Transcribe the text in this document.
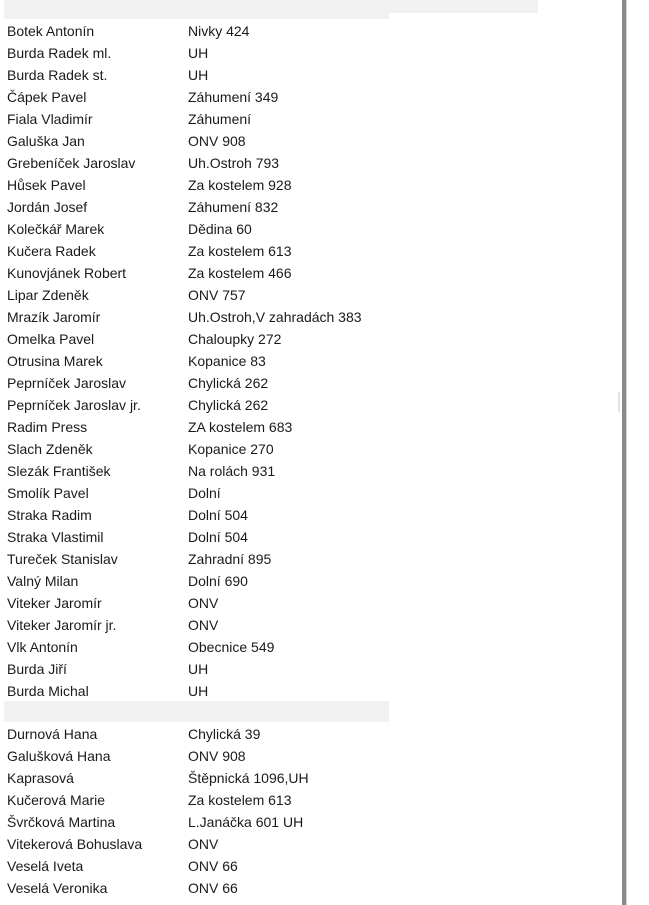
Botek Antonín	Nivky 424
Burda Radek ml.	UH
Burda Radek st.	UH
Čápek Pavel	Záhumení 349
Fiala Vladimír	Záhumení
Galuška Jan	ONV 908
Grebeníček Jaroslav	Uh.Ostroh 793
Hůsek Pavel	Za kostelem 928
Jordán Josef	Záhumení 832
Kolečkář Marek	Dědina 60
Kučera Radek	Za kostelem 613
Kunovjánek Robert	Za kostelem 466
Lipar Zdeněk	ONV 757
Mrazík Jaromír	Uh.Ostroh,V zahradách 383
Omelka Pavel	Chaloupky 272
Otrusina Marek	Kopanice 83
Peprníček Jaroslav	Chylická 262
Peprníček Jaroslav jr.	Chylická 262
Radim Press	ZA kostelem 683
Slach Zdeněk	Kopanice 270
Slezák František	Na rolách 931
Smolík Pavel	Dolní
Straka Radim	Dolní 504
Straka Vlastimil	Dolní 504
Tureček Stanislav	Zahradní 895
Valný Milan	Dolní 690
Viteker Jaromír	ONV
Viteker Jaromír jr.	ONV
Vlk Antonín	Obecnice 549
Burda Jiří	UH
Burda Michal	UH
Durnová Hana	Chylická 39
Galušková Hana	ONV 908
Kaprasová	Štěpnická 1096,UH
Kučerová Marie	Za kostelem 613
Švrčková Martina	L.Janáčka 601 UH
Vitekerová Bohuslava	ONV
Veselá Iveta	ONV 66
Veselá Veronika	ONV 66
